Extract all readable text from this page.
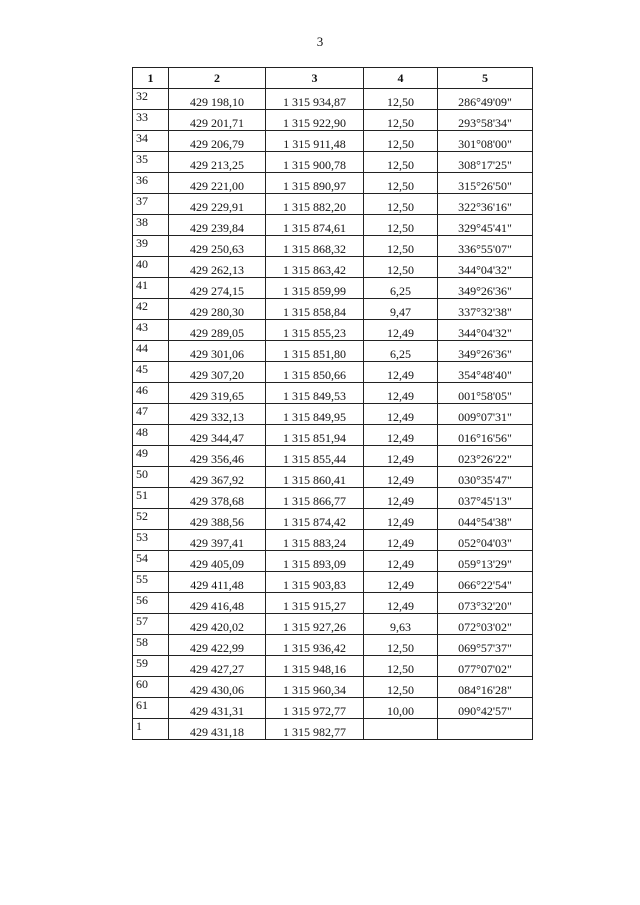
3
1	2	3	4	5
32	429 198,10	1 315 934,87	12,50	286°49'09"
33	429 201,71	1 315 922,90	12,50	293°58'34"
34	429 206,79	1 315 911,48	12,50	301°08'00"
35	429 213,25	1 315 900,78	12,50	308°17'25"
36	429 221,00	1 315 890,97	12,50	315°26'50"
37	429 229,91	1 315 882,20	12,50	322°36'16"
38	429 239,84	1 315 874,61	12,50	329°45'41"
39	429 250,63	1 315 868,32	12,50	336°55'07"
40	429 262,13	1 315 863,42	12,50	344°04'32"
41	429 274,15	1 315 859,99	6,25	349°26'36"
42	429 280,30	1 315 858,84	9,47	337°32'38"
43	429 289,05	1 315 855,23	12,49	344°04'32"
44	429 301,06	1 315 851,80	6,25	349°26'36"
45	429 307,20	1 315 850,66	12,49	354°48'40"
46	429 319,65	1 315 849,53	12,49	001°58'05"
47	429 332,13	1 315 849,95	12,49	009°07'31"
48	429 344,47	1 315 851,94	12,49	016°16'56"
49	429 356,46	1 315 855,44	12,49	023°26'22"
50	429 367,92	1 315 860,41	12,49	030°35'47"
51	429 378,68	1 315 866,77	12,49	037°45'13"
52	429 388,56	1 315 874,42	12,49	044°54'38"
53	429 397,41	1 315 883,24	12,49	052°04'03"
54	429 405,09	1 315 893,09	12,49	059°13'29"
55	429 411,48	1 315 903,83	12,49	066°22'54"
56	429 416,48	1 315 915,27	12,49	073°32'20"
57	429 420,02	1 315 927,26	9,63	072°03'02"
58	429 422,99	1 315 936,42	12,50	069°57'37"
59	429 427,27	1 315 948,16	12,50	077°07'02"
60	429 430,06	1 315 960,34	12,50	084°16'28"
61	429 431,31	1 315 972,77	10,00	090°42'57"
1	429 431,18	1 315 982,77		
